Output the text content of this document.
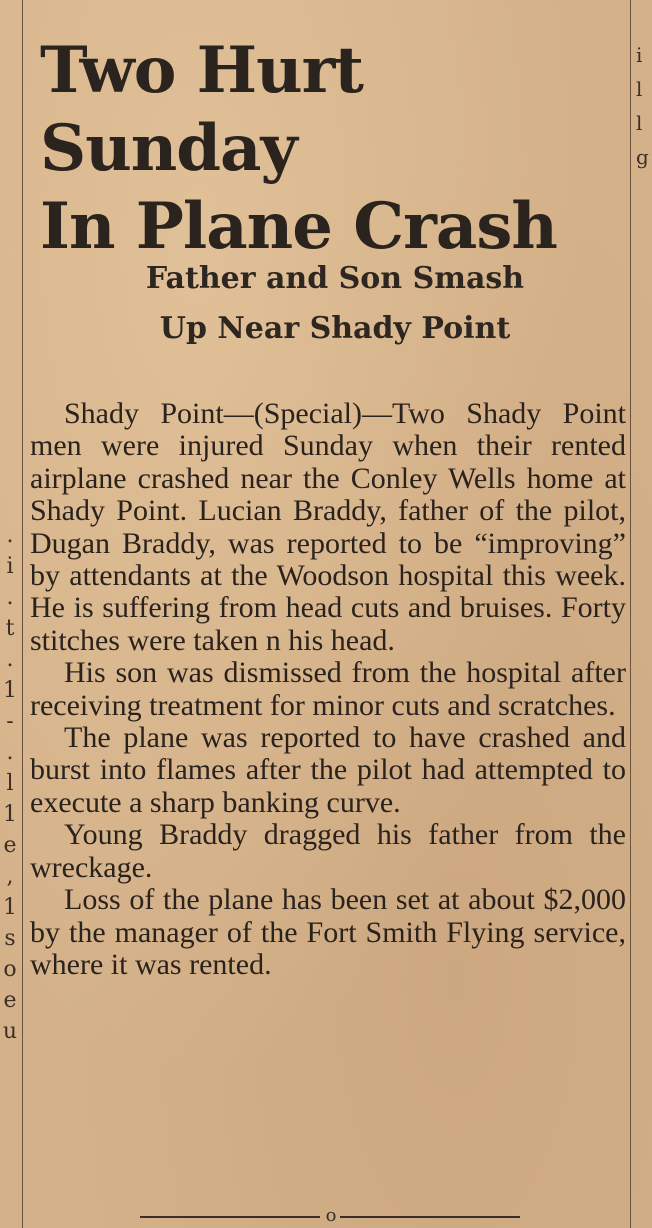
.
i
.
t
.
1
-
.
l
1
e
,
1
s
o
e
u
i
l
l
g
Two Hurt Sunday
In Plane Crash
Father and Son Smash
Up Near Shady Point

Shady Point—(Special)—Two Shady Point men were injured Sunday when their rented airplane crashed near the Conley Wells home at Shady Point. Lucian Braddy, father of the pilot, Dugan Braddy, was reported to be “improving” by attendants at the Woodson hospital this week. He is suffering from head cuts and bruises. Forty stitches were taken n his head.

His son was dismissed from the hospital after receiving treatment for minor cuts and scratches.

The plane was reported to have crashed and burst into flames after the pilot had attempted to execute a sharp banking curve.

Young Braddy dragged his father from the wreckage.

Loss of the plane has been set at about $2,000 by the manager of the Fort Smith Flying service, where it was rented.

o
